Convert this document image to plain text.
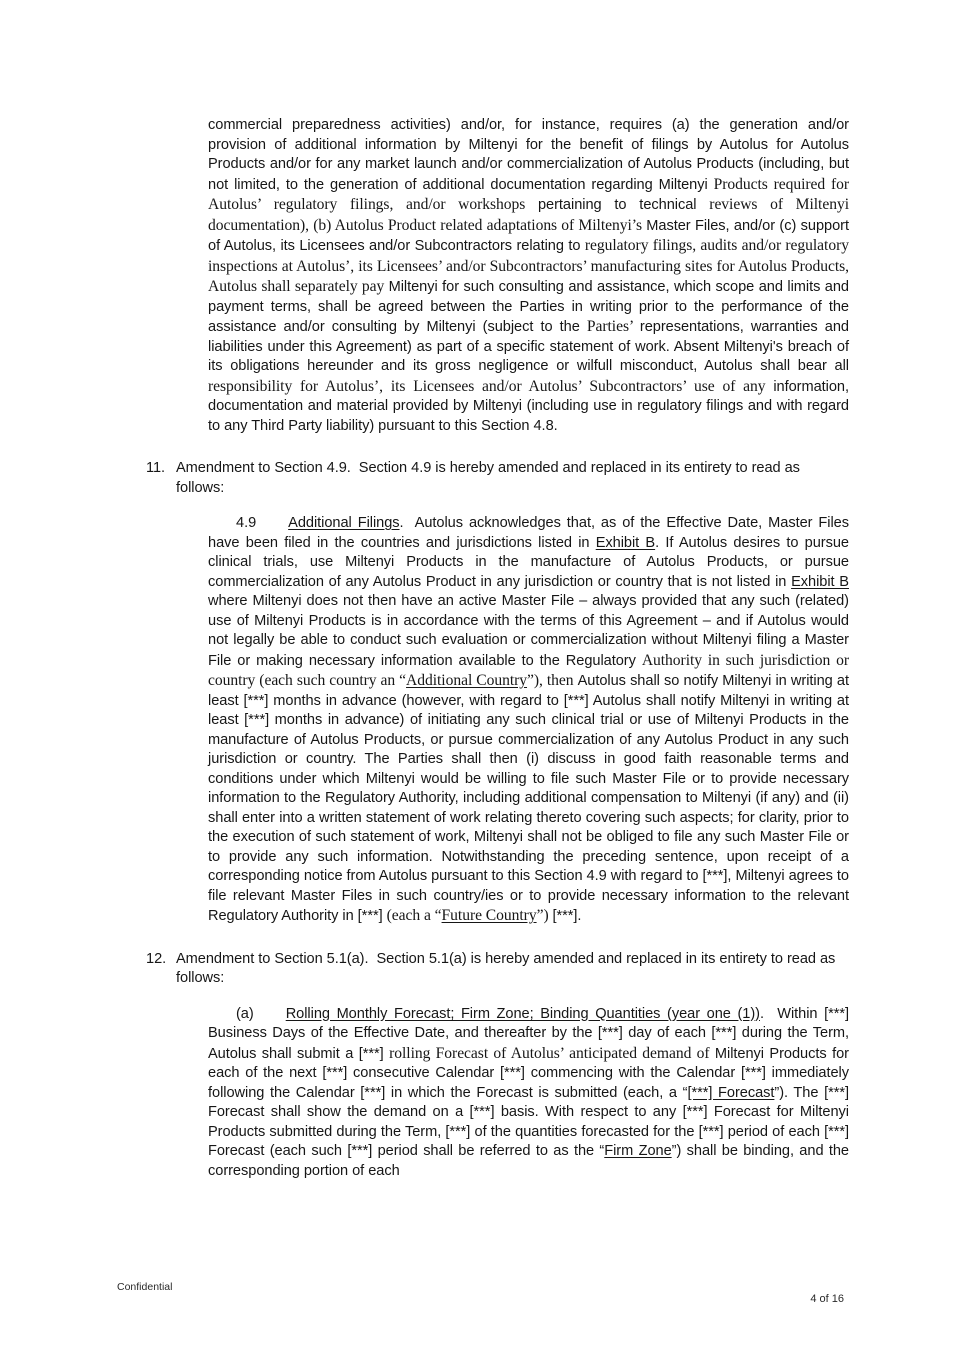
commercial preparedness activities) and/or, for instance, requires (a) the generation and/or provision of additional information by Miltenyi for the benefit of filings by Autolus for Autolus Products and/or for any market launch and/or commercialization of Autolus Products (including, but not limited, to the generation of additional documentation regarding Miltenyi Products required for Autolus’ regulatory filings, and/or workshops pertaining to technical reviews of Miltenyi documentation), (b) Autolus Product related adaptations of Miltenyi’s Master Files, and/or (c) support of Autolus, its Licensees and/or Subcontractors relating to regulatory filings, audits and/or regulatory inspections at Autolus’, its Licensees’ and/or Subcontractors’ manufacturing sites for Autolus Products, Autolus shall separately pay Miltenyi for such consulting and assistance, which scope and limits and payment terms, shall be agreed between the Parties in writing prior to the performance of the assistance and/or consulting by Miltenyi (subject to the Parties’ representations, warranties and liabilities under this Agreement) as part of a specific statement of work. Absent Miltenyi's breach of its obligations hereunder and its gross negligence or wilfull misconduct, Autolus shall bear all responsibility for Autolus’, its Licensees and/or Autolus’ Subcontractors’ use of any information, documentation and material provided by Miltenyi (including use in regulatory filings and with regard to any Third Party liability) pursuant to this Section 4.8.
11. Amendment to Section 4.9.  Section 4.9 is hereby amended and replaced in its entirety to read as follows:
4.9 Additional Filings.  Autolus acknowledges that, as of the Effective Date, Master Files have been filed in the countries and jurisdictions listed in Exhibit B. If Autolus desires to pursue clinical trials, use Miltenyi Products in the manufacture of Autolus Products, or pursue commercialization of any Autolus Product in any jurisdiction or country that is not listed in Exhibit B where Miltenyi does not then have an active Master File – always provided that any such (related) use of Miltenyi Products is in accordance with the terms of this Agreement – and if Autolus would not legally be able to conduct such evaluation or commercialization without Miltenyi filing a Master File or making necessary information available to the Regulatory Authority in such jurisdiction or country (each such country an “Additional Country”), then Autolus shall so notify Miltenyi in writing at least [***] months in advance (however, with regard to [***] Autolus shall notify Miltenyi in writing at least [***] months in advance) of initiating any such clinical trial or use of Miltenyi Products in the manufacture of Autolus Products, or pursue commercialization of any Autolus Product in any such jurisdiction or country. The Parties shall then (i) discuss in good faith reasonable terms and conditions under which Miltenyi would be willing to file such Master File or to provide necessary information to the Regulatory Authority, including additional compensation to Miltenyi (if any) and (ii) shall enter into a written statement of work relating thereto covering such aspects; for clarity, prior to the execution of such statement of work, Miltenyi shall not be obliged to file any such Master File or to provide any such information. Notwithstanding the preceding sentence, upon receipt of a corresponding notice from Autolus pursuant to this Section 4.9 with regard to [***], Miltenyi agrees to file relevant Master Files in such country/ies or to provide necessary information to the relevant Regulatory Authority in [***] (each a “Future Country”) [***].
12. Amendment to Section 5.1(a).  Section 5.1(a) is hereby amended and replaced in its entirety to read as follows:
(a) Rolling Monthly Forecast; Firm Zone; Binding Quantities (year one (1)).  Within [***] Business Days of the Effective Date, and thereafter by the [***] day of each [***] during the Term, Autolus shall submit a [***] rolling Forecast of Autolus’ anticipated demand of Miltenyi Products for each of the next [***] consecutive Calendar [***] commencing with the Calendar [***] immediately following the Calendar [***] in which the Forecast is submitted (each, a “[***] Forecast”). The [***] Forecast shall show the demand on a [***] basis. With respect to any [***] Forecast for Miltenyi Products submitted during the Term, [***] of the quantities forecasted for the [***] period of each [***] Forecast (each such [***] period shall be referred to as the “Firm Zone”) shall be binding, and the corresponding portion of each
Confidential
4 of 16
